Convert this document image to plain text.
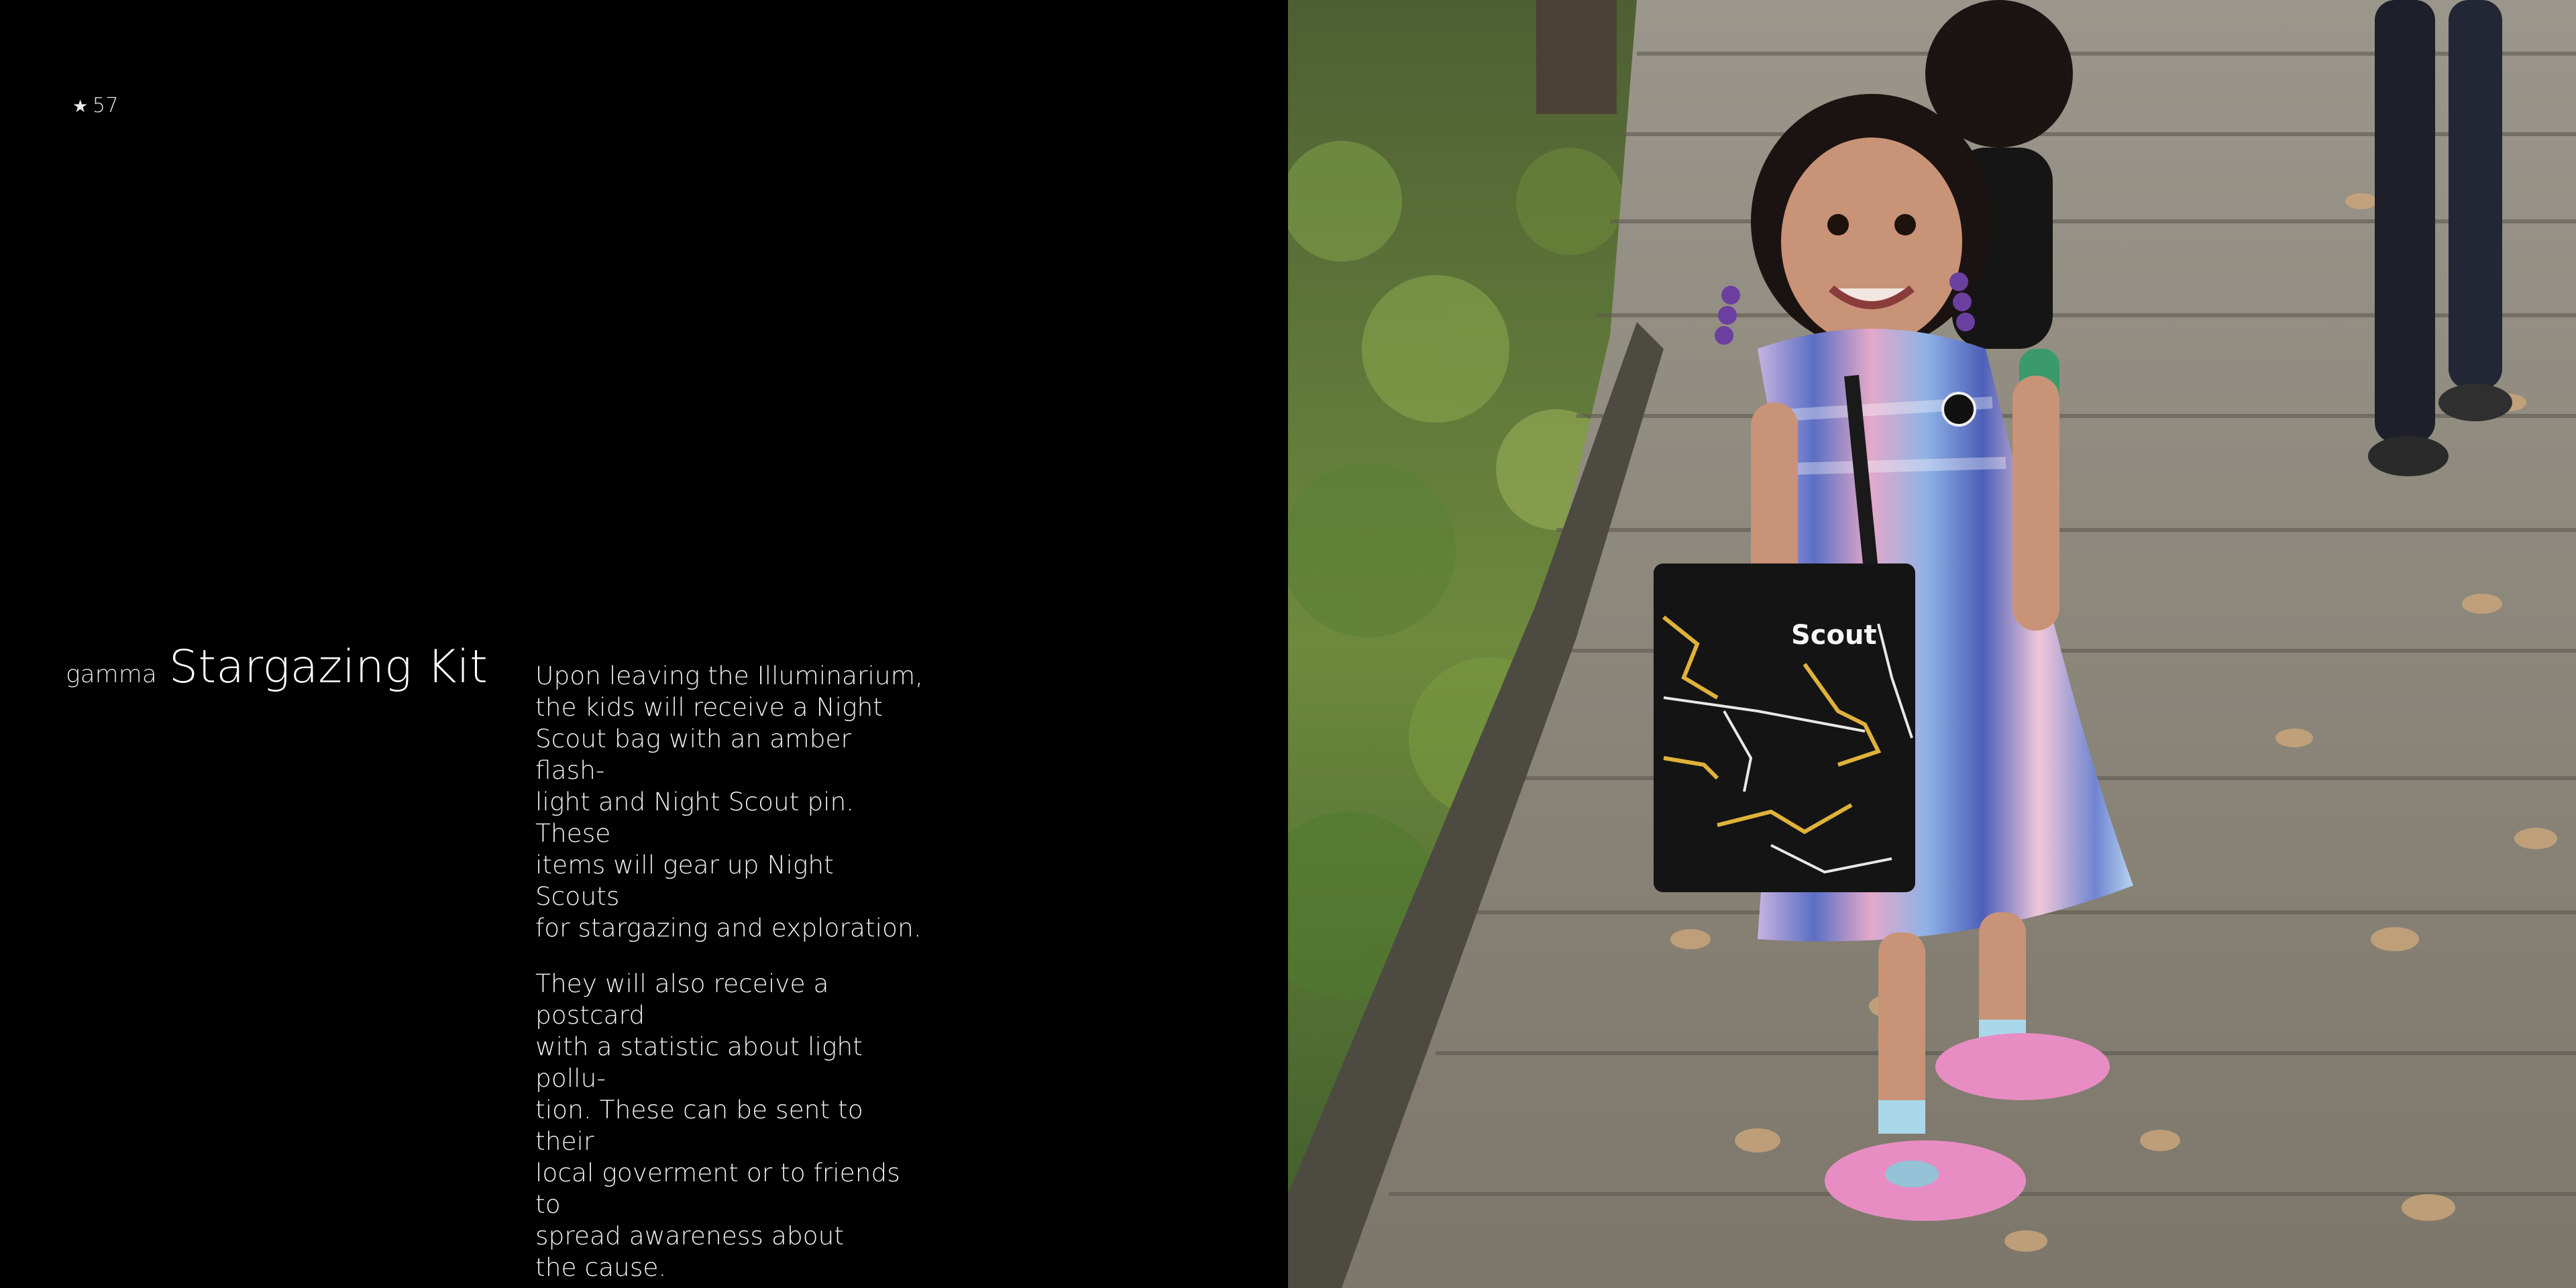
★ 57
gamma Stargazing Kit Upon leaving the Illuminarium,
the kids will receive a Night
Scout bag with an amber flash-
light and Night Scout pin. These
items will gear up Night Scouts
for stargazing and exploration.

They will also receive a postcard
with a statistic about light pollu-
tion. These can be sent to their
local goverment or to friends to
spread awareness about
the cause.

Scout
